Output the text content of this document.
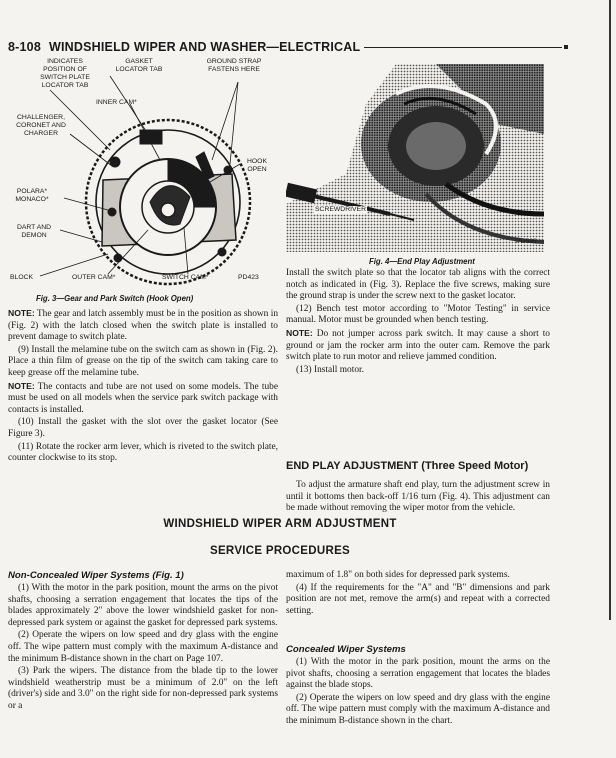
8-108 WINDSHIELD WIPER AND WASHER—ELECTRICAL
INDICATES POSITION OF SWITCH PLATE LOCATOR TAB
GASKET LOCATOR TAB
GROUND STRAP FASTENS HERE
INNER CAM*
CHALLENGER, CORONET AND CHARGER
HOOK OPEN
POLARA* MONACO*
DART AND DEMON
BLOCK	OUTER CAM*	SWITCH CAM*	PD423
Fig. 3—Gear and Park Switch (Hook Open)
SCREWDRIVER
PD586
Fig. 4—End Play Adjustment

NOTE: The gear and latch assembly must be in the position as shown in (Fig. 2) with the latch closed when the switch plate is installed to prevent damage to switch plate.

(9) Install the melamine tube on the switch cam as shown in (Fig. 2). Place a thin film of grease on the tip of the switch cam taking care to keep grease off the melamine tube.

NOTE: The contacts and tube are not used on some models. The tube must be used on all models when the service park switch package with contacts is installed.

(10) Install the gasket with the slot over the gasket locator (See Figure 3).

(11) Rotate the rocker arm lever, which is riveted to the switch plate, counter clockwise to its stop.

Install the switch plate so that the locator tab aligns with the correct notch as indicated in (Fig. 3). Replace the five screws, making sure the ground strap is under the screw next to the gasket locator.

(12) Bench test motor according to "Motor Testing" in service manual. Motor must be grounded when bench testing.

NOTE: Do not jumper across park switch. It may cause a short to ground or jam the rocker arm into the outer cam. Remove the park switch plate to run motor and relieve jammed condition.

(13) Install motor.

END PLAY ADJUSTMENT (Three Speed Motor)

To adjust the armature shaft end play, turn the adjustment screw in until it bottoms then back-off 1/16 turn (Fig. 4). This adjustment can be made without removing the wiper motor from the vehicle.

WINDSHIELD WIPER ARM ADJUSTMENT
SERVICE PROCEDURES
Non-Concealed Wiper Systems (Fig. 1)

(1) With the motor in the park position, mount the arms on the pivot shafts, choosing a serration engagement that locates the tips of the blades approximately 2" above the lower windshield gasket for non-depressed park system or against the gasket for depressed park systems.

(2) Operate the wipers on low speed and dry glass with the engine off. The wipe pattern must comply with the maximum A-distance and the minimum B-distance shown in the chart on Page 107.

(3) Park the wipers. The distance from the blade tip to the lower windshield weatherstrip must be a minimum of 2.0" on the left (driver's) side and 3.0" on the right side for non-depressed park systems or a

maximum of 1.8" on both sides for depressed park systems.

(4) If the requirements for the "A" and "B" dimensions and park position are not met, remove the arm(s) and repeat with a corrected setting.

Concealed Wiper Systems

(1) With the motor in the park position, mount the arms on the pivot shafts, choosing a serration engagement that locates the blades against the blade stops.

(2) Operate the wipers on low speed and dry glass with the engine off. The wipe pattern must comply with the maximum A-distance and the minimum B-distance shown in the chart.
